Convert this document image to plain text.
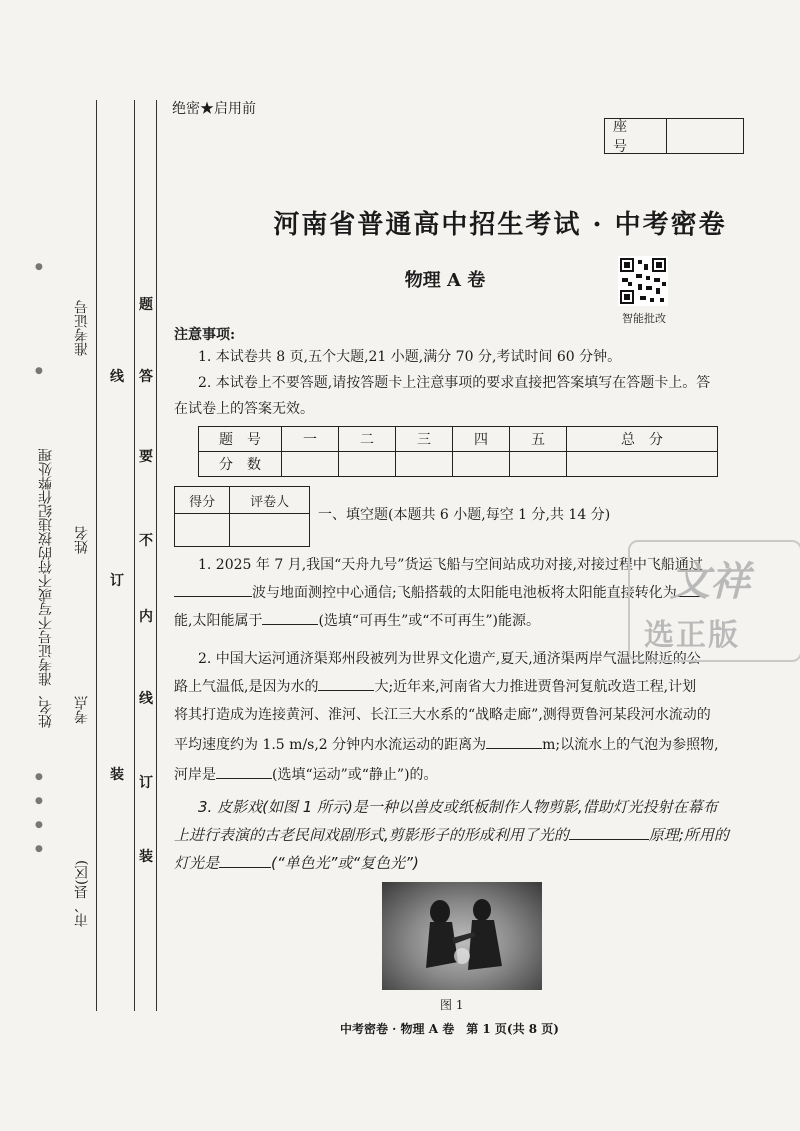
姓名、准考证号不写或不符的按违纪作弊处理
准考证号
姓名
考点
市、县(区)
线
订
装
题
答
要
不
内
线
订
装
●
●
●
●
●
●
绝密★启用前
座 号
河南省普通高中招生考试 · 中考密卷
物理 A 卷
智能批改
注意事项:
1. 本试卷共 8 页,五个大题,21 小题,满分 70 分,考试时间 60 分钟。
2. 本试卷上不要答题,请按答题卡上注意事项的要求直接把答案填写在答题卡上。答
在试卷上的答案无效。
题　号	一	二	三	四	五	总　分
分　数						
得分	评卷人

一、填空题(本题共 6 小题,每空 1 分,共 14 分)
1. 2025 年 7 月,我国“天舟九号”货运飞船与空间站成功对接,对接过程中飞船通过
波与地面测控中心通信;飞船搭载的太阳能电池板将太阳能直接转化为
能,太阳能属于	(选填“可再生”或“不可再生”)能源。
2. 中国大运河通济渠郑州段被列为世界文化遗产,夏天,通济渠两岸气温比附近的公
路上气温低,是因为水的	大;近年来,河南省大力推进贾鲁河复航改造工程,计划
将其打造成为连接黄河、淮河、长江三大水系的“战略走廊”,测得贾鲁河某段河水流动的
平均速度约为 1.5 m/s,2 分钟内水流运动的距离为	m;以流水上的气泡为参照物,
河岸是	(选填“运动”或“静止”)的。
3. 皮影戏(如图 1 所示)是一种以兽皮或纸板制作人物剪影,借助灯光投射在幕布
上进行表演的古老民间戏剧形式,剪影形子的形成利用了光的	原理;所用的
灯光是	(“单色光”或“复色光”)
图 1
文祥
选正版
中考密卷 · 物理 A 卷　第 1 页(共 8 页)
